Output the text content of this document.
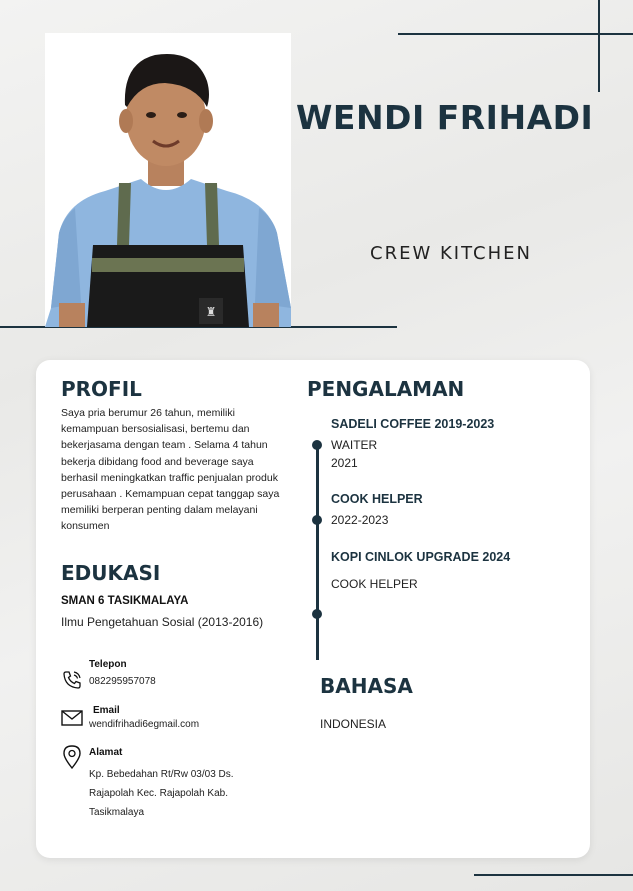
♜
WENDI FRIHADI
CREW KITCHEN
PROFIL
Saya pria berumur 26 tahun, memiliki kemampuan bersosialisasi, bertemu dan bekerjasama dengan team . Selama 4 tahun bekerja dibidang food and beverage saya berhasil meningkatkan traffic penjualan produk perusahaan . Kemampuan cepat tanggap saya memiliki berperan penting dalam melayani konsumen
EDUKASI
SMAN 6 TASIKMALAYA
Ilmu Pengetahuan Sosial (2013-2016)
Telepon
082295957078
Email
wendifrihadi6egmail.com
Alamat
Kp. Bebedahan Rt/Rw 03/03 Ds. Rajapolah Kec. Rajapolah Kab. Tasikmalaya
PENGALAMAN
SADELI COFFEE 2019-2023
WAITER
2021
COOK HELPER
2022-2023
KOPI CINLOK UPGRADE 2024
COOK HELPER
BAHASA
INDONESIA
